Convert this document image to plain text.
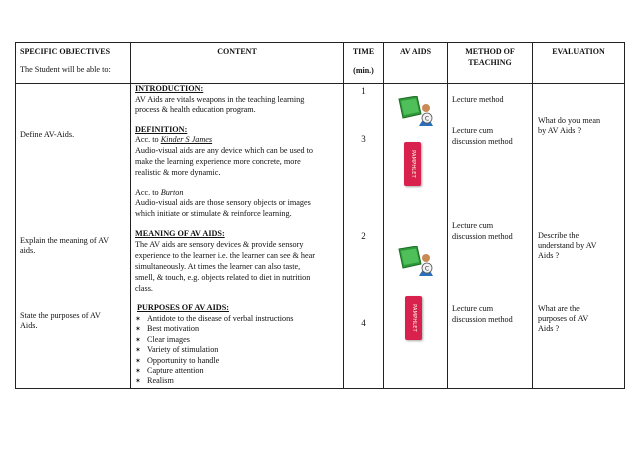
SPECIFIC OBJECTIVES
The Student will be able to:
CONTENT	TIME
(min.)
AV AIDS	METHOD OF
TEACHING
EVALUATION
Define AV-Aids.
Explain the meaning of AV
aids.
State the purposes of AV
Aids.
INTRODUCTION:
AV Aids are vitals weapons in the teaching learning
process & health education program.
DEFINITION:
Acc. to Kinder S James
Audio-visual aids are any device which can be used to
make the learning experience more concrete, more
realistic & more dynamic.
Acc. to Burton
Audio-visual aids are those sensory objects or images
which initiate or stimulate & reinforce learning.
MEANING OF AV AIDS:
The AV aids are sensory devices & provide sensory
experience to the learner i.e. the learner can see & hear
simultaneously. At times the learner can also taste,
smell, & touch, e.g. objects related to diet in nutrition
class.
PURPOSES OF AV AIDS:
✶ Antidote to the disease of verbal instructions
✶ Best motivation
✶ Clear images
✶ Variety of stimulation
✶ Opportunity to handle
✶ Capture attention
✶ Realism
1
3
2
4
C
PAMPHLET
C
PAMPHLET
Lecture method
Lecture cum
discussion method
Lecture cum
discussion method
Lecture cum
discussion method
What do you mean
by AV Aids ?
Describe the
understand by AV
Aids ?
What are the
purposes of AV
Aids ?
